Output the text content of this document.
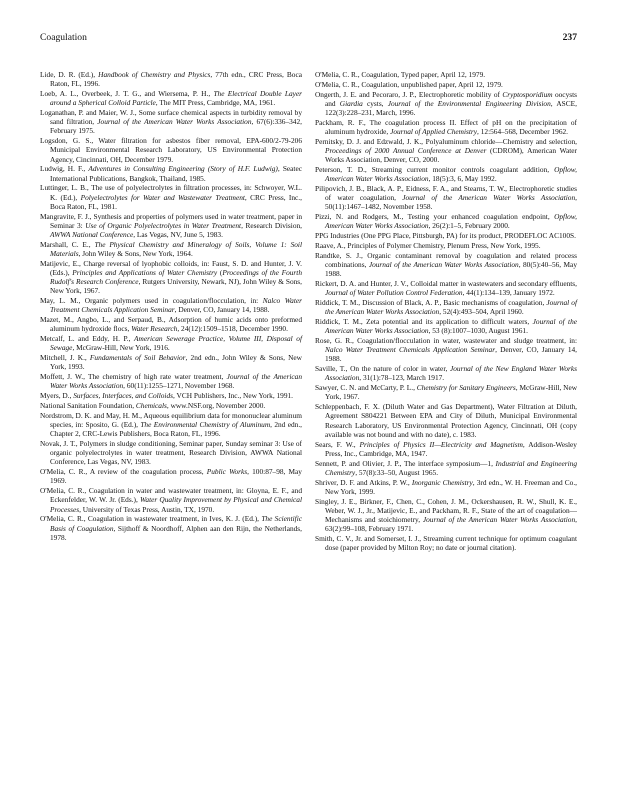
Coagulation	237

Lide, D. R. (Ed.), Handbook of Chemistry and Physics, 77th edn., CRC Press, Boca Raton, FL, 1996.

Loeb, A. L., Overbeek, J. T. G., and Wiersema, P. H., The Electrical Double Layer around a Spherical Colloid Particle, The MIT Press, Cambridge, MA, 1961.

Loganathan, P. and Maier, W. J., Some surface chemical aspects in turbidity removal by sand filtration, Journal of the American Water Works Association, 67(6):336–342, February 1975.

Logsdon, G. S., Water filtration for asbestos fiber removal, EPA-600/2-79-206 Municipal Environmental Research Laboratory, US Environmental Protection Agency, Cincinnati, OH, December 1979.

Ludwig, H. F., Adventures in Consulting Engineering (Story of H.F. Ludwig), Seatec International Publications, Bangkok, Thailand, 1985.

Luttinger, L. B., The use of polyelectrolytes in filtration processes, in: Schwoyer, W.L. K. (Ed.), Polyelectrolytes for Water and Wastewater Treatment, CRC Press, Inc., Boca Raton, FL, 1981.

Mangravite, F. J., Synthesis and properties of polymers used in water treatment, paper in Seminar 3: Use of Organic Polyelectrolytes in Water Treatment, Research Division, AWWA National Conference, Las Vegas, NV, June 5, 1983.

Marshall, C. E., The Physical Chemistry and Mineralogy of Soils, Volume 1: Soil Materials, John Wiley & Sons, New York, 1964.

Matijevic, E., Charge reversal of lyophobic colloids, in: Faust, S. D. and Hunter, J. V. (Eds.), Principles and Applications of Water Chemistry (Proceedings of the Fourth Rudolf's Research Conference, Rutgers University, Newark, NJ), John Wiley & Sons, New York, 1967.

May, L. M., Organic polymers used in coagulation/flocculation, in: Nalco Water Treatment Chemicals Application Seminar, Denver, CO, January 14, 1988.

Mazet, M., Angbo, L., and Serpaud, B., Adsorption of humic acids onto preformed aluminum hydroxide flocs, Water Research, 24(12):1509–1518, December 1990.

Metcalf, L. and Eddy, H. P., American Sewerage Practice, Volume III, Disposal of Sewage, McGraw-Hill, New York, 1916.

Mitchell, J. K., Fundamentals of Soil Behavior, 2nd edn., John Wiley & Sons, New York, 1993.

Moffett, J. W., The chemistry of high rate water treatment, Journal of the American Water Works Association, 60(11):1255–1271, November 1968.

Myers, D., Surfaces, Interfaces, and Colloids, VCH Publishers, Inc., New York, 1991.

National Sanitation Foundation, Chemicals, www.NSF.org, November 2000.

Nordstrom, D. K. and May, H. M., Aqueous equilibrium data for mononuclear aluminum species, in: Sposito, G. (Ed.), The Environmental Chemistry of Aluminum, 2nd edn., Chapter 2, CRC-Lewis Publishers, Boca Raton, FL, 1996.

Novak, J. T., Polymers in sludge conditioning, Seminar paper, Sunday seminar 3: Use of organic polyelectrolytes in water treatment, Research Division, AWWA National Conference, Las Vegas, NV, 1983.

O'Melia, C. R., A review of the coagulation process, Public Works, 100:87–98, May 1969.

O'Melia, C. R., Coagulation in water and wastewater treatment, in: Gloyna, E. F., and Eckenfelder, W. W. Jr. (Eds.), Water Quality Improvement by Physical and Chemical Processes, University of Texas Press, Austin, TX, 1970.

O'Melia, C. R., Coagulation in wastewater treatment, in Ives, K. J. (Ed.), The Scientific Basis of Coagulation, Sijthoff & Noordhoff, Alphen aan den Rijn, the Netherlands, 1978.

O'Melia, C. R., Coagulation, Typed paper, April 12, 1979.

O'Melia, C. R., Coagulation, unpublished paper, April 12, 1979.

Ongerth, J. E. and Pecoraro, J. P., Electrophoretic mobility of Cryptosporidium oocysts and Giardia cysts, Journal of the Environmental Engineering Division, ASCE, 122(3):228–231, March, 1996.

Packham, R. F., The coagulation process II. Effect of pH on the precipitation of aluminum hydroxide, Journal of Applied Chemistry, 12:564–568, December 1962.

Pernitsky, D. J. and Edzwald, J. K., Polyaluminum chloride—Chemistry and selection, Proceedings of 2000 Annual Conference at Denver (CDROM), American Water Works Association, Denver, CO, 2000.

Peterson, T. D., Streaming current monitor controls coagulant addition, Opflow, American Water Works Association, 18(5):3, 6, May 1992.

Pilipovich, J. B., Black, A. P., Eidness, F. A., and Stearns, T. W., Electrophoretic studies of water coagulation, Journal of the American Water Works Association, 50(11):1467–1482, November 1958.

Pizzi, N. and Rodgers, M., Testing your enhanced coagulation endpoint, Opflow, American Water Works Association, 26(2):1–5, February 2000.

PPG Industries (One PPG Place, Pittsburgh, PA) for its product, PRODEFLOC AC100S.

Raave, A., Principles of Polymer Chemistry, Plenum Press, New York, 1995.

Randtke, S. J., Organic contaminant removal by coagulation and related process combinations, Journal of the American Water Works Association, 80(5):40–56, May 1988.

Rickert, D. A. and Hunter, J. V., Colloidal matter in wastewaters and secondary effluents, Journal of Water Pollution Control Federation, 44(1):134–139, January 1972.

Riddick, T. M., Discussion of Black, A. P., Basic mechanisms of coagulation, Journal of the American Water Works Association, 52(4):493–504, April 1960.

Riddick, T. M., Zeta potential and its application to difficult waters, Journal of the American Water Works Association, 53 (8):1007–1030, August 1961.

Rose, G. R., Coagulation/flocculation in water, wastewater and sludge treatment, in: Nalco Water Treatment Chemicals Application Seminar, Denver, CO, January 14, 1988.

Saville, T., On the nature of color in water, Journal of the New England Water Works Association, 31(1):78–123, March 1917.

Sawyer, C. N. and McCarty, P. L., Chemistry for Sanitary Engineers, McGraw-Hill, New York, 1967.

Schleppenbach, F. X. (Diluth Water and Gas Department), Water Filtration at Diluth, Agreement S804221 Between EPA and City of Diluth, Municipal Environmental Research Laboratory, US Environmental Protection Agency, Cincinnati, OH (copy available was not bound and with no date), c. 1983.

Sears, F. W., Principles of Physics II—Electricity and Magnetism, Addison-Wesley Press, Inc., Cambridge, MA, 1947.

Sennett, P. and Olivier, J. P., The interface symposium—1, Industrial and Engineering Chemistry, 57(8):33–50, August 1965.

Shriver, D. F. and Atkins, P. W., Inorganic Chemistry, 3rd edn., W. H. Freeman and Co., New York, 1999.

Singley, J. E., Birkner, F., Chen, C., Cohen, J. M., Ockershausen, R. W., Shull, K. E., Weber, W. J., Jr., Matijevic, E., and Packham, R. F., State of the art of coagulation—Mechanisms and stoichiometry, Journal of the American Water Works Association, 63(2):99–108, February 1971.

Smith, C. V., Jr. and Somerset, I. J., Streaming current technique for optimum coagulant dose (paper provided by Milton Roy; no date or journal citation).
